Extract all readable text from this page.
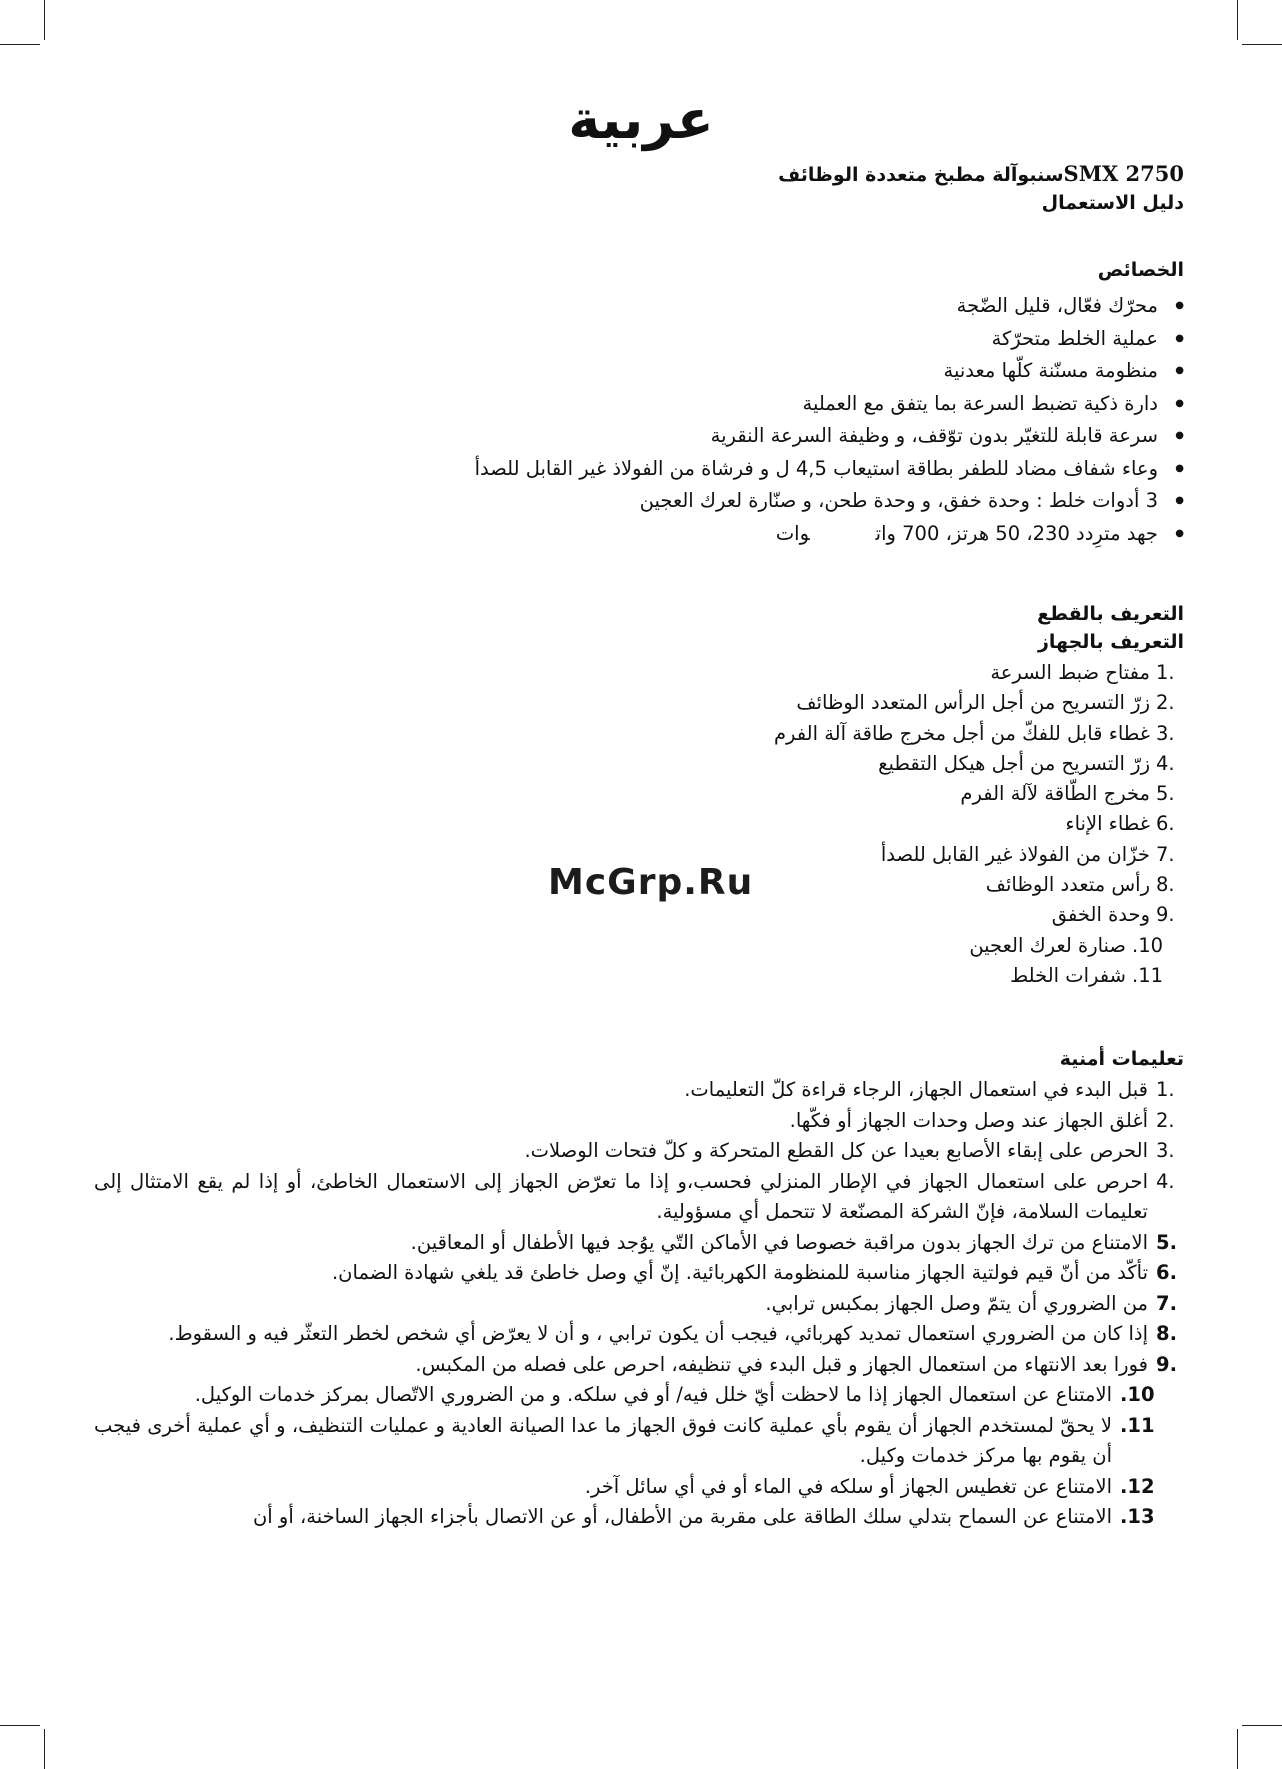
عربية

SMX 2750سنبوآلة مطبخ متعددة الوظائف

دليل الاستعمال

الخصائص

● محرّك فعّال، قليل الضّجة
● عملية الخلط متحرّكة
● منظومة مسنّنة كلّها معدنية
● دارة ذكية تضبط السرعة بما يتفق مع العملية
● سرعة قابلة للتغيّر بدون توّقف، و وظيفة السرعة النقرية
● وعاء شفاف مضاد للطفر بطاقة استيعاب 4,5 ل و فرشاة من الفولاذ غير القابل للصدأ
● 3 أدوات خلط : وحدة خفق، و وحدة طحن، و صنّارة لعرك العجين
● جهد مترِدد 230، 50 هرتز، 700 واتوات

التعريف بالقطع

التعريف بالجهاز

1.
مفتاح ضبط السرعة
2.
زرّ التسريح من أجل الرأس المتعدد الوظائف
3.
غطاء قابل للفكّ من أجل مخرج طاقة آلة الفرم
4.
زرّ التسريح من أجل هيكل التقطيع
5.
مخرج الطّاقة لآلة الفرم
6.
غطاء الإناء
7.
خزّان من الفولاذ غير القابل للصدأ
8.
رأس متعدد الوظائف
9.
وحدة الخفق
.10
صنارة لعرك العجين
.11
شفرات الخلط

تعليمات أمنية

1.
قبل البدء في استعمال الجهاز، الرجاء قراءة كلّ التعليمات.
2.
أغلق الجهاز عند وصل وحدات الجهاز أو فكّها.
3.
الحرص على إبقاء الأصابع بعيدا عن كل القطع المتحركة و كلّ فتحات الوصلات.
4.
احرص على استعمال الجهاز في الإطار المنزلي فحسب،و إذا ما تعرّض الجهاز إلى الاستعمال الخاطئ، أو إذا لم يقع الامتثال إلى تعليمات السلامة، فإنّ الشركة المصنّعة لا تتحمل أي مسؤولية.
5.
الامتناع من ترك الجهاز بدون مراقبة خصوصا في الأماكن التّي يوُجد فيها الأطفال أو المعاقين.
6.
تأكّد من أنّ قيم فولتية الجهاز مناسبة للمنظومة الكهربائية. إنّ أي وصل خاطئ قد يلغي شهادة الضمان.
7.
من الضروري أن يتمّ وصل الجهاز بمكبس ترابي.
8.
إذا كان من الضروري استعمال تمديد كهربائي، فيجب أن يكون ترابي ، و أن لا يعرّض أي شخص لخطر التعثّر فيه و السقوط.
9.
فورا بعد الانتهاء من استعمال الجهاز و قبل البدء في تنظيفه، احرص على فصله من المكبس.
.10
الامتناع عن استعمال الجهاز إذا ما لاحظت أيّ خلل فيه/ أو في سلكه. و من الضروري الاتّصال بمركز خدمات الوكيل.
.11
لا يحقّ لمستخدم الجهاز أن يقوم بأي عملية كانت فوق الجهاز ما عدا الصيانة العادية و عمليات التنظيف، و أي عملية أخرى فيجب أن يقوم بها مركز خدمات وكيل.
.12
الامتناع عن تغطيس الجهاز أو سلكه في الماء أو في أي سائل آخر.
.13
الامتناع عن السماح بتدلي سلك الطاقة على مقربة من الأطفال، أو عن الاتصال بأجزاء الجهاز الساخنة، أو أن
McGrp.Ru
